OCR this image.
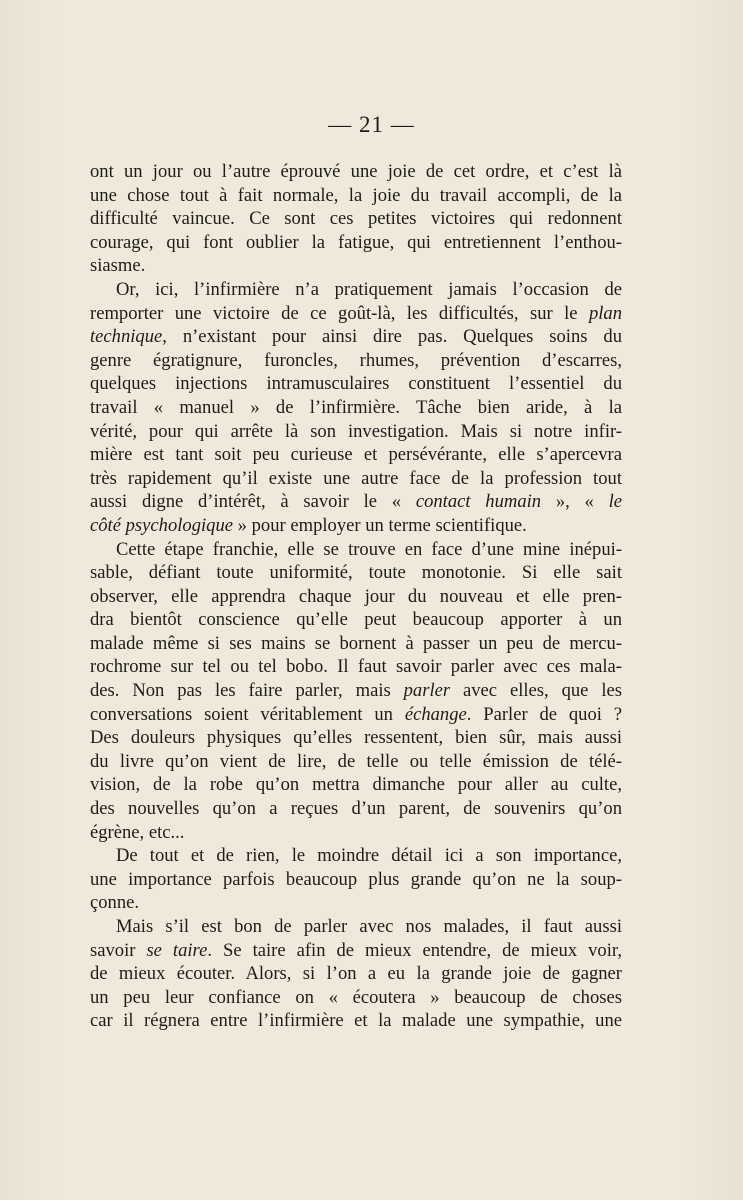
— 21 —

ont un jour ou l’autre éprouvé une joie de cet ordre, et c’est là
une chose tout à fait normale, la joie du travail accompli, de la
difficulté vaincue. Ce sont ces petites victoires qui redonnent
courage, qui font oublier la fatigue, qui entretiennent l’enthou-
siasme.

Or, ici, l’infirmière n’a pratiquement jamais l’occasion de
remporter une victoire de ce goût-là, les difficultés, sur le plan
technique, n’existant pour ainsi dire pas. Quelques soins du
genre égratignure, furoncles, rhumes, prévention d’escarres,
quelques injections intramusculaires constituent l’essentiel du
travail « manuel » de l’infirmière. Tâche bien aride, à la
vérité, pour qui arrête là son investigation. Mais si notre infir-
mière est tant soit peu curieuse et persévérante, elle s’apercevra
très rapidement qu’il existe une autre face de la profession tout
aussi digne d’intérêt, à savoir le « contact humain », « le
côté psychologique » pour employer un terme scientifique.

Cette étape franchie, elle se trouve en face d’une mine inépui-
sable, défiant toute uniformité, toute monotonie. Si elle sait
observer, elle apprendra chaque jour du nouveau et elle pren-
dra bientôt conscience qu’elle peut beaucoup apporter à un
malade même si ses mains se bornent à passer un peu de mercu-
rochrome sur tel ou tel bobo. Il faut savoir parler avec ces mala-
des. Non pas les faire parler, mais parler avec elles, que les
conversations soient véritablement un échange. Parler de quoi ?
Des douleurs physiques qu’elles ressentent, bien sûr, mais aussi
du livre qu’on vient de lire, de telle ou telle émission de télé-
vision, de la robe qu’on mettra dimanche pour aller au culte,
des nouvelles qu’on a reçues d’un parent, de souvenirs qu’on
égrène, etc...

De tout et de rien, le moindre détail ici a son importance,
une importance parfois beaucoup plus grande qu’on ne la soup-
çonne.

Mais s’il est bon de parler avec nos malades, il faut aussi
savoir se taire. Se taire afin de mieux entendre, de mieux voir,
de mieux écouter. Alors, si l’on a eu la grande joie de gagner
un peu leur confiance on « écoutera » beaucoup de choses
car il régnera entre l’infirmière et la malade une sympathie, une
